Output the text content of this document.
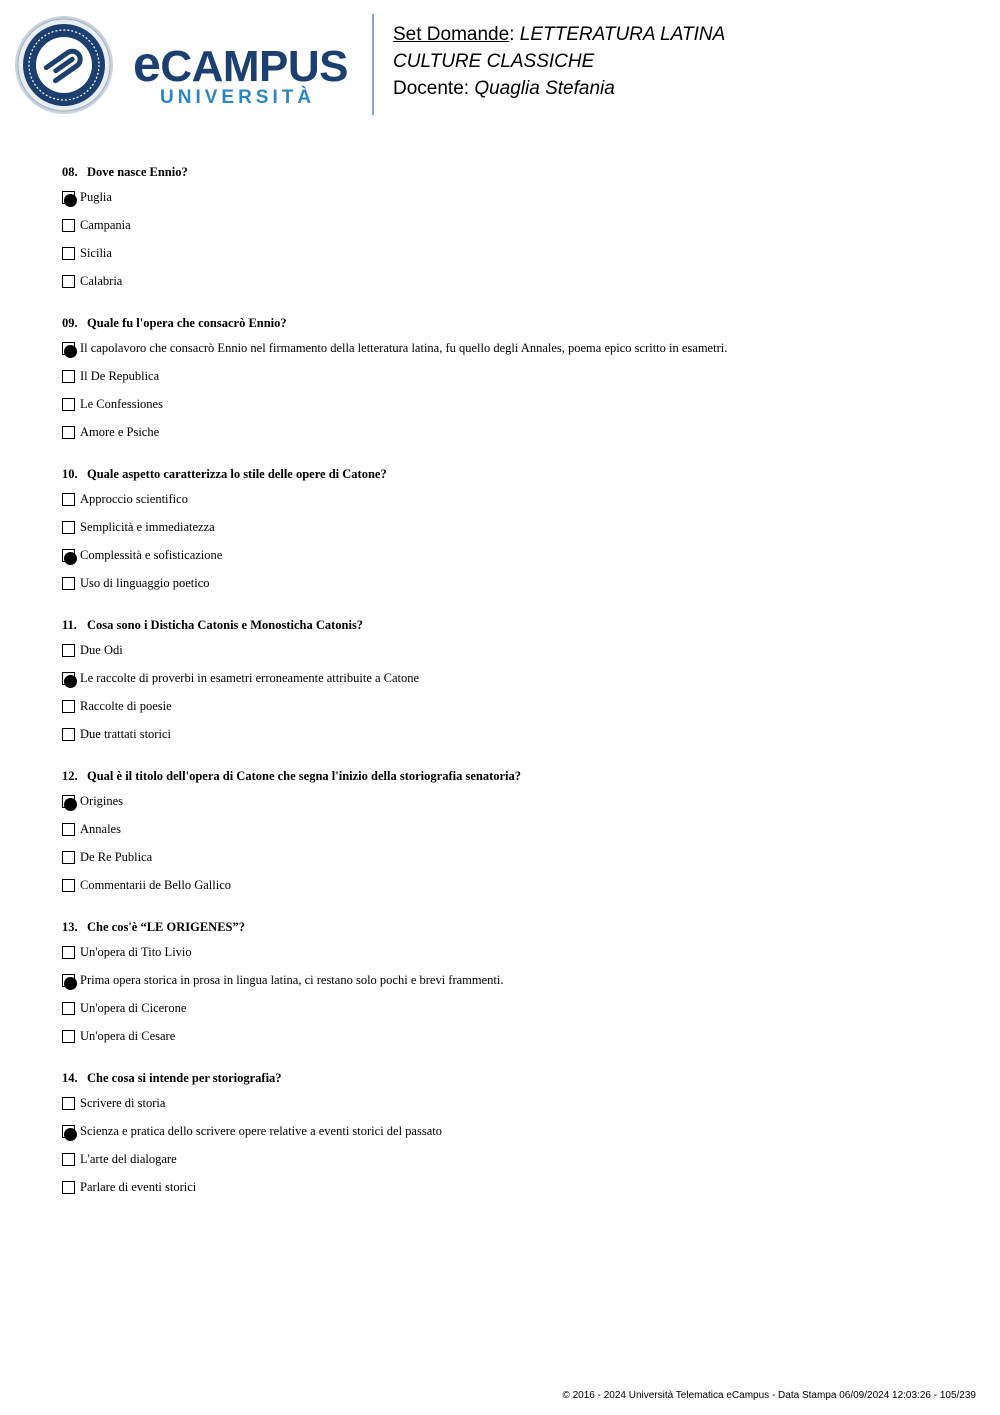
eCAMPUS
UNIVERSITÀ
Set Domande: LETTERATURA LATINA
CULTURE CLASSICHE
Docente: Quaglia Stefania
08. Dove nasce Ennio?
Puglia
Campania
Sicilia
Calabria
09. Quale fu l'opera che consacrò Ennio?
Il capolavoro che consacrò Ennio nel firmamento della letteratura latina, fu quello degli Annales, poema epico scritto in esametri.
Il De Republica
Le Confessiones
Amore e Psiche
10. Quale aspetto caratterizza lo stile delle opere di Catone?
Approccio scientifico
Semplicità e immediatezza
Complessità e sofisticazione
Uso di linguaggio poetico
11. Cosa sono i Disticha Catonis e Monosticha Catonis?
Due Odi
Le raccolte di proverbi in esametri erroneamente attribuite a Catone
Raccolte di poesie
Due trattati storici
12. Qual è il titolo dell'opera di Catone che segna l'inizio della storiografia senatoria?
Origines
Annales
De Re Publica
Commentarii de Bello Gallico
13. Che cos'è “LE ORIGENES”?
Un'opera di Tito Livio
Prima opera storica in prosa in lingua latina, ci restano solo pochi e brevi frammenti.
Un'opera di Cicerone
Un'opera di Cesare
14. Che cosa si intende per storiografia?
Scrivere di storia
Scienza e pratica dello scrivere opere relative a eventi storici del passato
L'arte del dialogare
Parlare di eventi storici
© 2016 - 2024 Università Telematica eCampus - Data Stampa 06/09/2024 12:03:26 - 105/239
